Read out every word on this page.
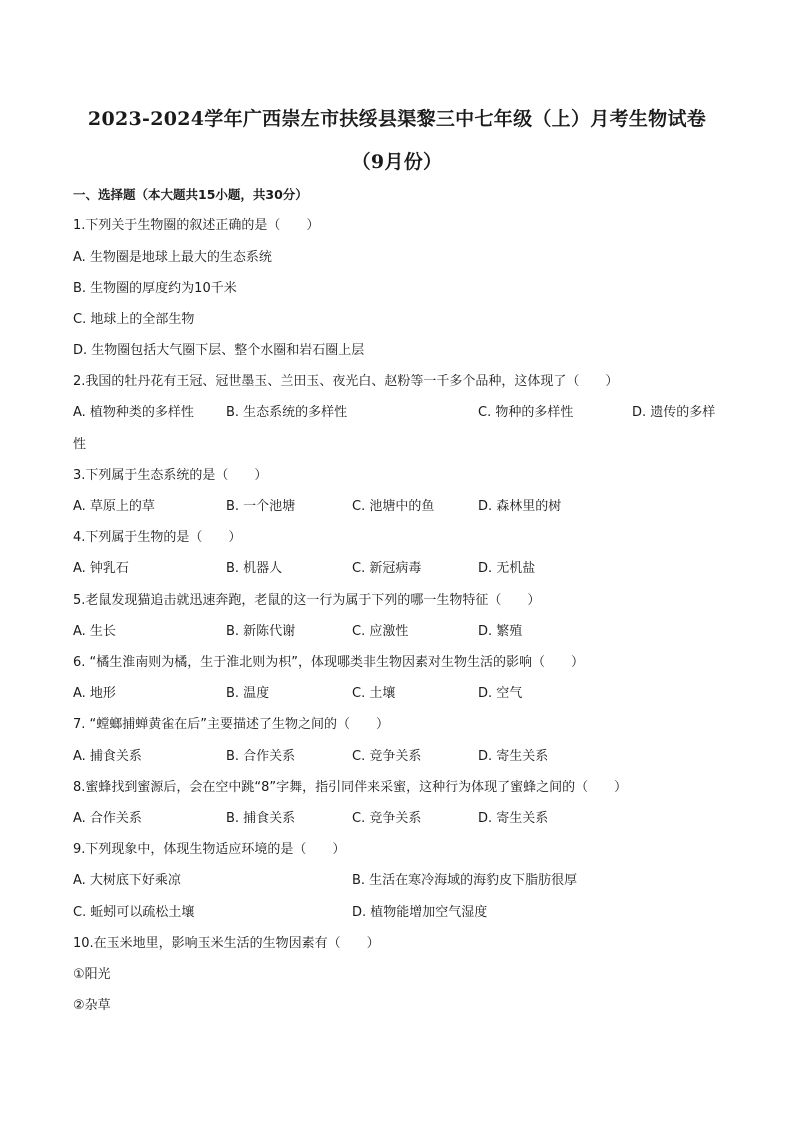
2023-2024学年广西崇左市扶绥县渠黎三中七年级（上）月考生物试卷
（9月份）
一、选择题（本大题共15小题，共30分）
1.下列关于生物圈的叙述正确的是（　　）
A. 生物圈是地球上最大的生态系统
B. 生物圈的厚度约为10千米
C. 地球上的全部生物
D. 生物圈包括大气圈下层、整个水圈和岩石圈上层
2.我国的牡丹花有王冠、冠世墨玉、兰田玉、夜光白、赵粉等一千多个品种，这体现了（　　）
A. 植物种类的多样性 B. 生态系统的多样性	C. 物种的多样性	D. 遗传的多样
性
3.下列属于生态系统的是（　　）
A. 草原上的草	B. 一个池塘	C. 池塘中的鱼	D. 森林里的树
4.下列属于生物的是（　　）
A. 钟乳石	B. 机器人	C. 新冠病毒	D. 无机盐
5.老鼠发现猫追击就迅速奔跑，老鼠的这一行为属于下列的哪一生物特征（　　）
A. 生长	B. 新陈代谢	C. 应激性	D. 繁殖
6. “橘生淮南则为橘，生于淮北则为枳”，体现哪类非生物因素对生物生活的影响（　　）
A. 地形	B. 温度	C. 土壤	D. 空气
7. “螳螂捕蝉黄雀在后”主要描述了生物之间的（　　）
A. 捕食关系	B. 合作关系	C. 竞争关系	D. 寄生关系
8.蜜蜂找到蜜源后，会在空中跳“8”字舞，指引同伴来采蜜，这种行为体现了蜜蜂之间的（　　）
A. 合作关系	B. 捕食关系	C. 竞争关系	D. 寄生关系
9.下列现象中，体现生物适应环境的是（　　）
A. 大树底下好乘凉	B. 生活在寒冷海域的海豹皮下脂肪很厚
C. 蚯蚓可以疏松土壤	D. 植物能增加空气湿度
10.在玉米地里，影响玉米生活的生物因素有（　　）
①阳光
②杂草
